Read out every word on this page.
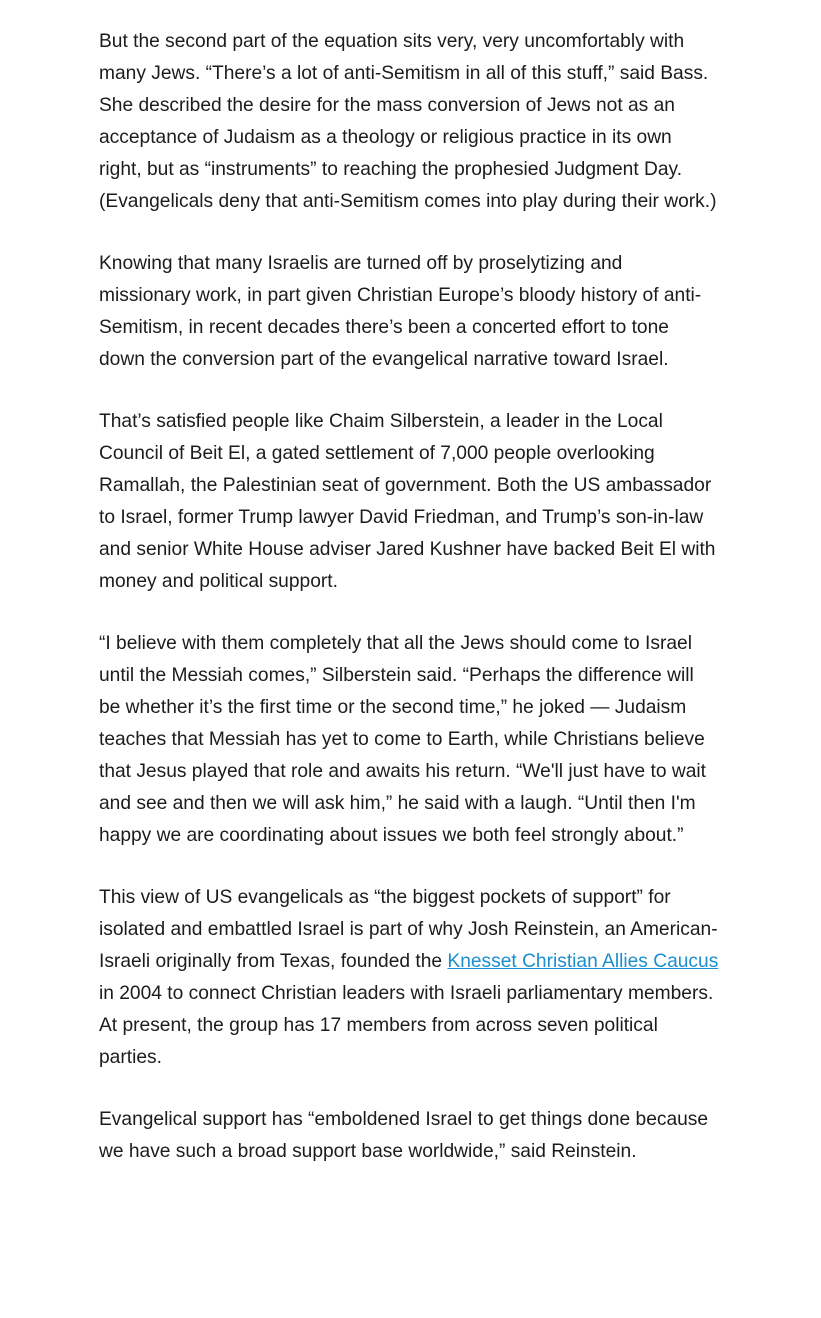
But the second part of the equation sits very, very uncomfortably with many Jews. “There’s a lot of anti-Semitism in all of this stuff,” said Bass. She described the desire for the mass conversion of Jews not as an acceptance of Judaism as a theology or religious practice in its own right, but as “instruments” to reaching the prophesied Judgment Day. (Evangelicals deny that anti-Semitism comes into play during their work.)

Knowing that many Israelis are turned off by proselytizing and missionary work, in part given Christian Europe’s bloody history of anti-Semitism, in recent decades there’s been a concerted effort to tone down the conversion part of the evangelical narrative toward Israel.

That’s satisfied people like Chaim Silberstein, a leader in the Local Council of Beit El, a gated settlement of 7,000 people overlooking Ramallah, the Palestinian seat of government. Both the US ambassador to Israel, former Trump lawyer David Friedman, and Trump’s son-in-law and senior White House adviser Jared Kushner have backed Beit El with money and political support.

“I believe with them completely that all the Jews should come to Israel until the Messiah comes,” Silberstein said. “Perhaps the difference will be whether it’s the first time or the second time,” he joked — Judaism teaches that Messiah has yet to come to Earth, while Christians believe that Jesus played that role and awaits his return. “We'll just have to wait and see and then we will ask him,” he said with a laugh. “Until then I'm happy we are coordinating about issues we both feel strongly about.”

This view of US evangelicals as “the biggest pockets of support” for isolated and embattled Israel is part of why Josh Reinstein, an American-Israeli originally from Texas, founded the Knesset Christian Allies Caucus in 2004 to connect Christian leaders with Israeli parliamentary members. At present, the group has 17 members from across seven political parties.

Evangelical support has “emboldened Israel to get things done because we have such a broad support base worldwide,” said Reinstein.
